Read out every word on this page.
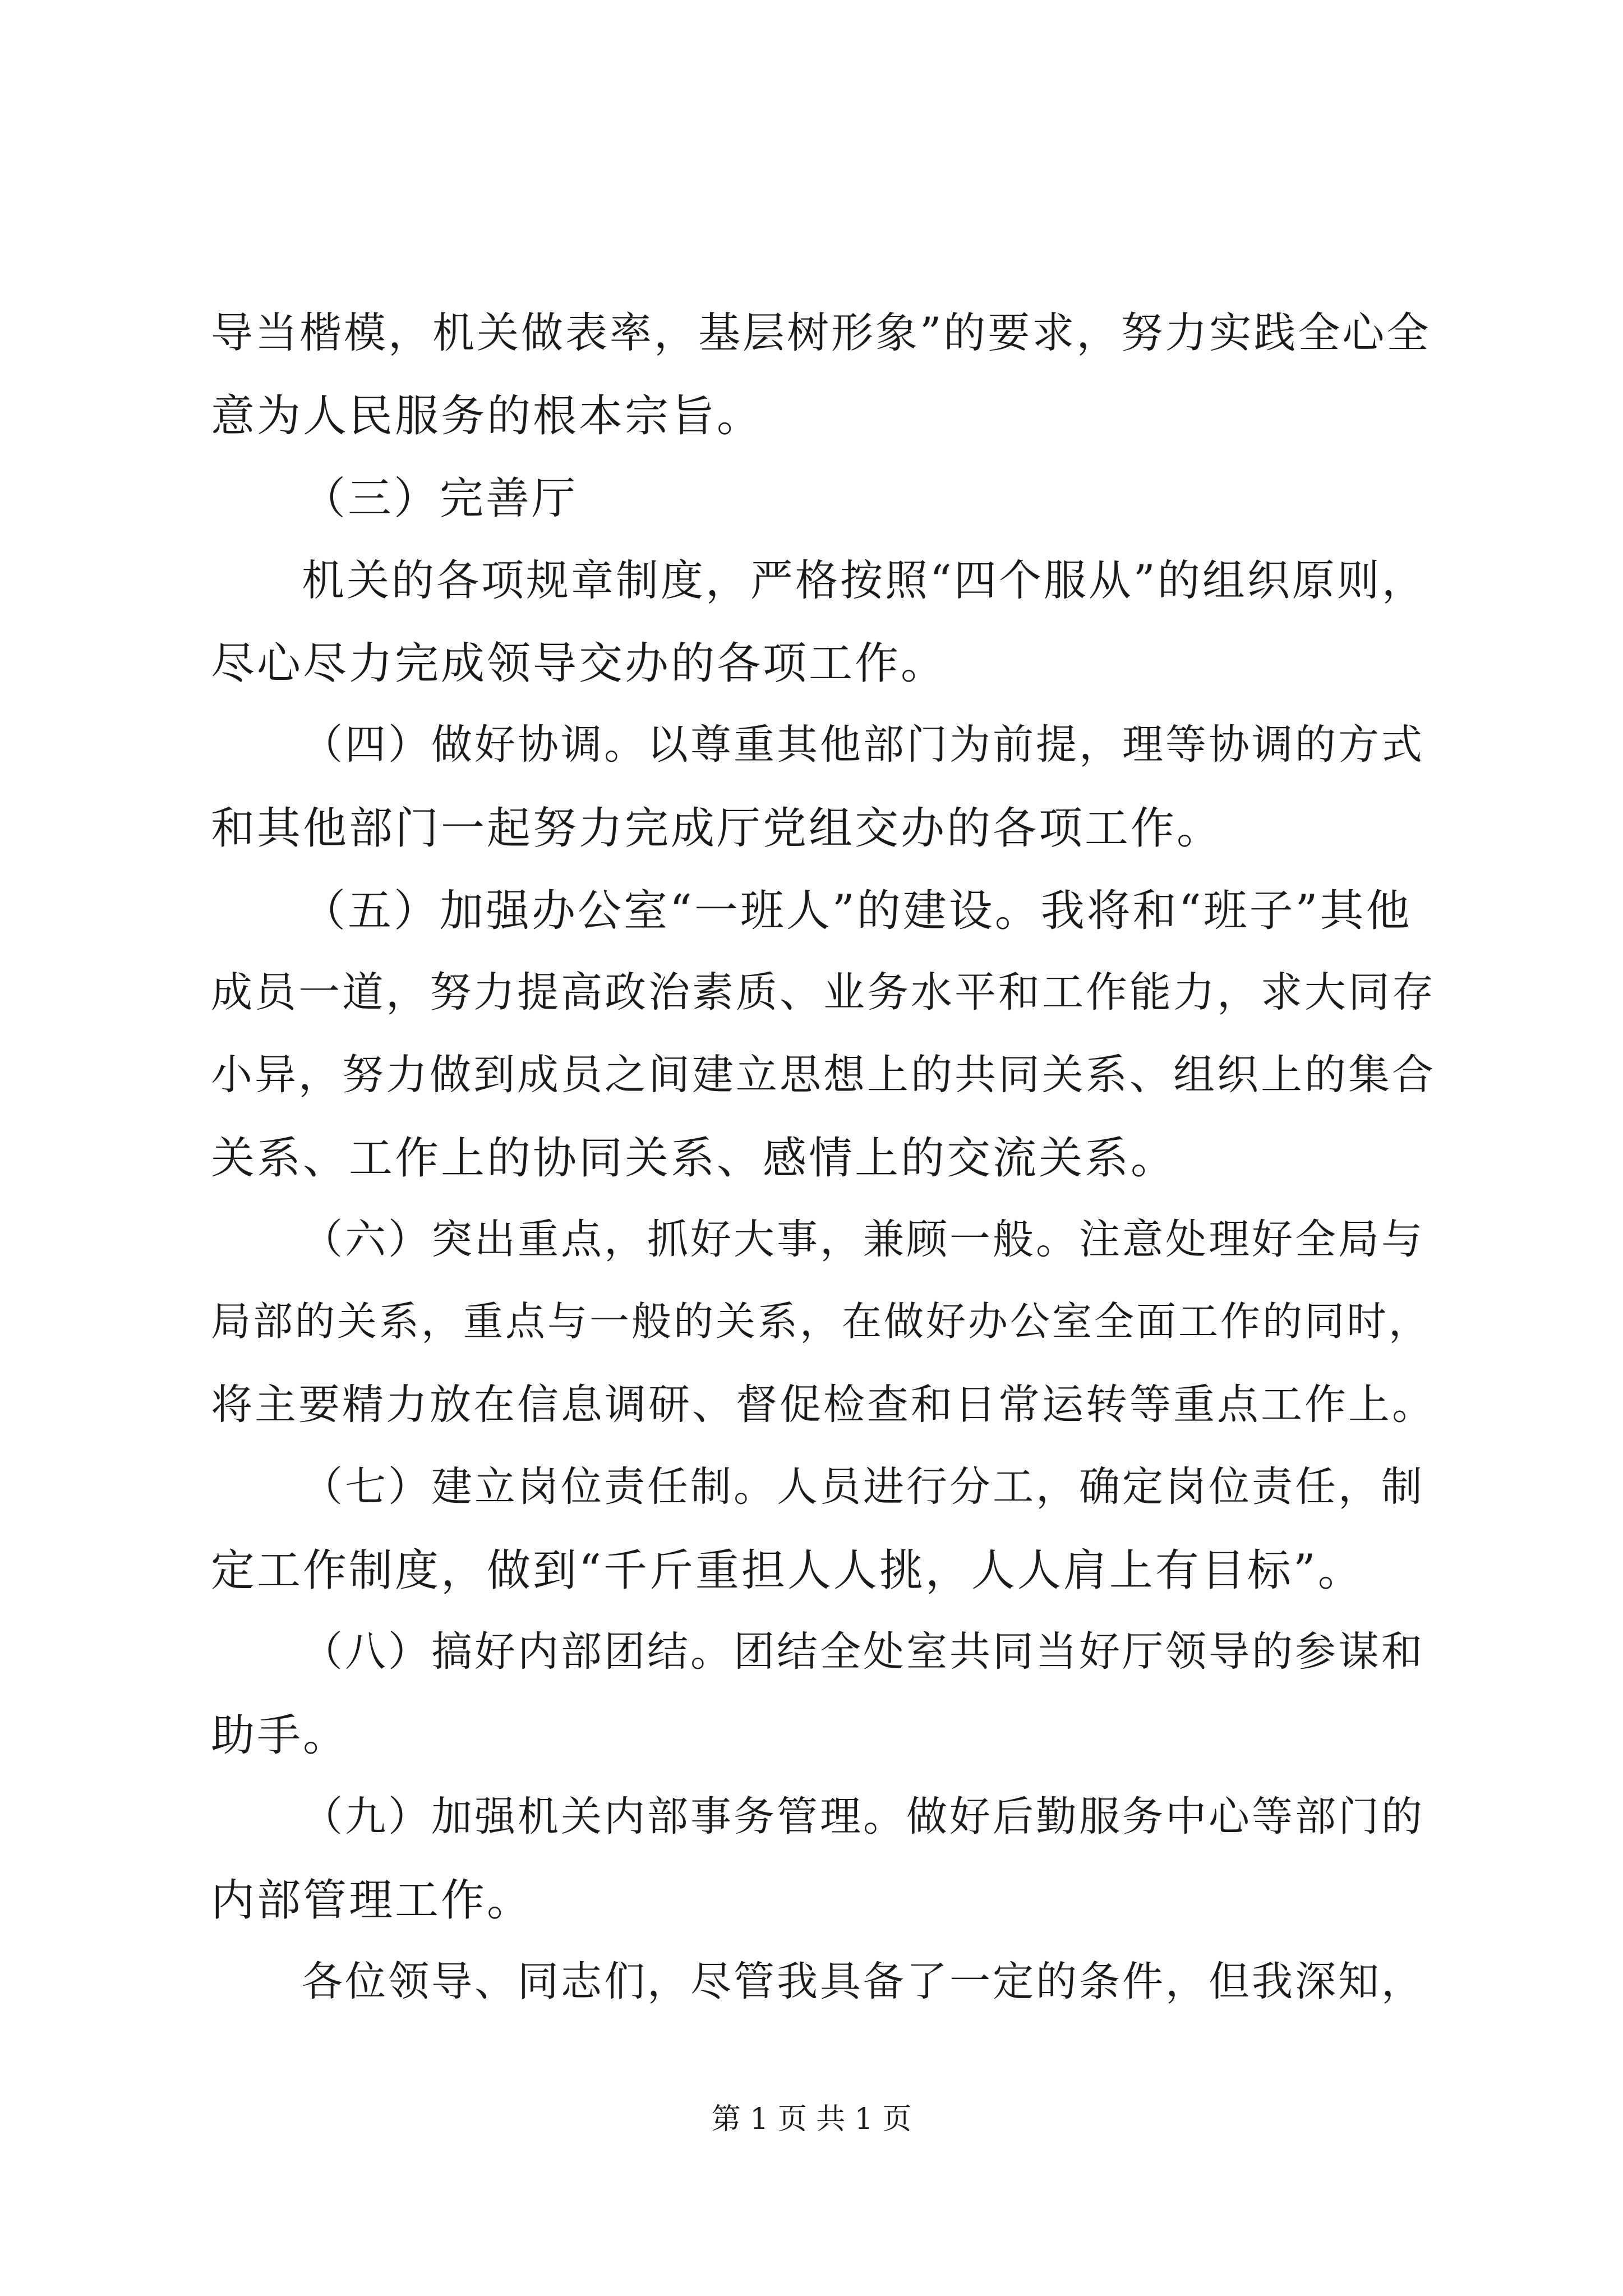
导当楷模，机关做表率，基层树形象”的要求，努力实践全心全
意为人民服务的根本宗旨。
（三）完善厅
机关的各项规章制度，严格按照“四个服从”的组织原则，
尽心尽力完成领导交办的各项工作。
（四）做好协调。以尊重其他部门为前提，理等协调的方式
和其他部门一起努力完成厅党组交办的各项工作。
（五）加强办公室“一班人”的建设。我将和“班子”其他
成员一道，努力提高政治素质、业务水平和工作能力，求大同存
小异，努力做到成员之间建立思想上的共同关系、组织上的集合
关系、工作上的协同关系、感情上的交流关系。
（六）突出重点，抓好大事，兼顾一般。注意处理好全局与
局部的关系，重点与一般的关系，在做好办公室全面工作的同时，
将主要精力放在信息调研、督促检查和日常运转等重点工作上。
（七）建立岗位责任制。人员进行分工，确定岗位责任，制
定工作制度，做到“千斤重担人人挑，人人肩上有目标”。
（八）搞好内部团结。团结全处室共同当好厅领导的参谋和
助手。
（九）加强机关内部事务管理。做好后勤服务中心等部门的
内部管理工作。
各位领导、同志们，尽管我具备了一定的条件，但我深知，
第 1 页 共 1 页
